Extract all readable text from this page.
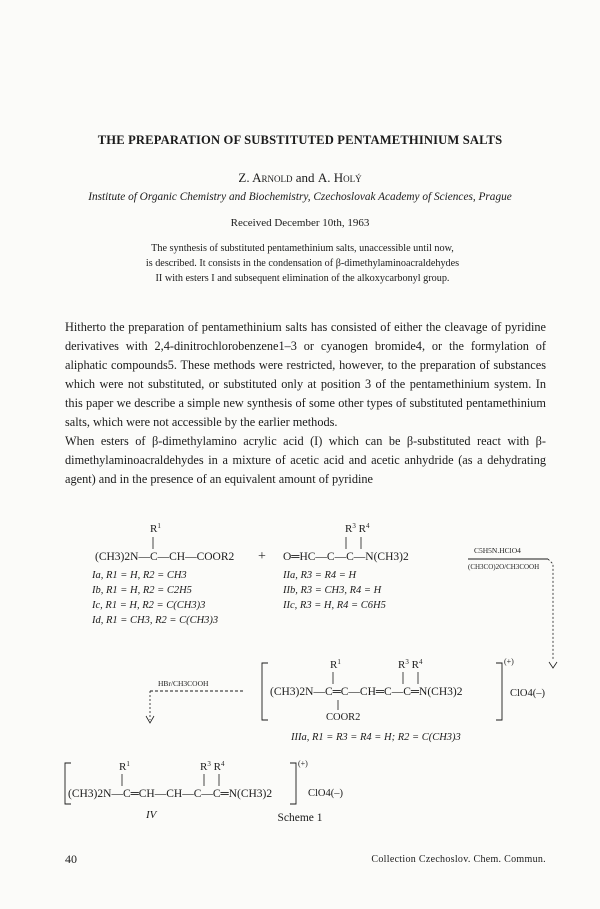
THE PREPARATION OF SUBSTITUTED PENTAMETHINIUM SALTS
Z. Arnold and A. Holý
Institute of Organic Chemistry and Biochemistry, Czechoslovak Academy of Sciences, Prague
Received December 10th, 1963
The synthesis of substituted pentamethinium salts, unaccessible until now,
is described. It consists in the condensation of β-dimethylaminoacraldehydes
II with esters I and subsequent elimination of the alkoxycarbonyl group.

Hitherto the preparation of pentamethinium salts has consisted of either the cleavage of pyridine derivatives with 2,4-dinitrochlorobenzene1–3 or cyanogen bromide4, or the formylation of aliphatic compounds5. These methods were restricted, however, to the preparation of substances which were not substituted, or substituted only at position 3 of the pentamethinium system. In this paper we describe a simple new synthesis of some other types of substituted pentamethinium salts, which were not accessible by the earlier methods.

When esters of β-dimethylamino acrylic acid (I) which can be β-substituted react with β-dimethylaminoacraldehydes in a mixture of acetic acid and acetic anhydride (as a dehydrating agent) and in the presence of an equivalent amount of pyridine

$R^1$
(CH3)2N—C—CH—COOR2 +
$R^3$ $R^4$
O═HC—C—C—N(CH3)2
C5H5N.HClO4
(CH3CO)2O/CH3COOH
Ia, R1 = H, R2 = CH3
Ib, R1 = H, R2 = C2H5
Ic, R1 = H, R2 = C(CH3)3
Id, R1 = CH3, R2 = C(CH3)3
IIa, R3 = R4 = H
IIb, R3 = CH3, R4 = H
IIc, R3 = H, R4 = C6H5
$R^1$	$R^3$ $R^4$
(CH3)2N—C═C—CH═C—C═N(CH3)2
COOR2
(+)
ClO4(–)
IIIa, R1 = R3 = R4 = H; R2 = C(CH3)3
HBr/CH3COOH
$R^1$	$R^3$ $R^4$
(CH3)2N—C═CH—CH—C—C═N(CH3)2
(+)
ClO4(–)
IV	Scheme 1
40	Collection Czechoslov. Chem. Commun.
